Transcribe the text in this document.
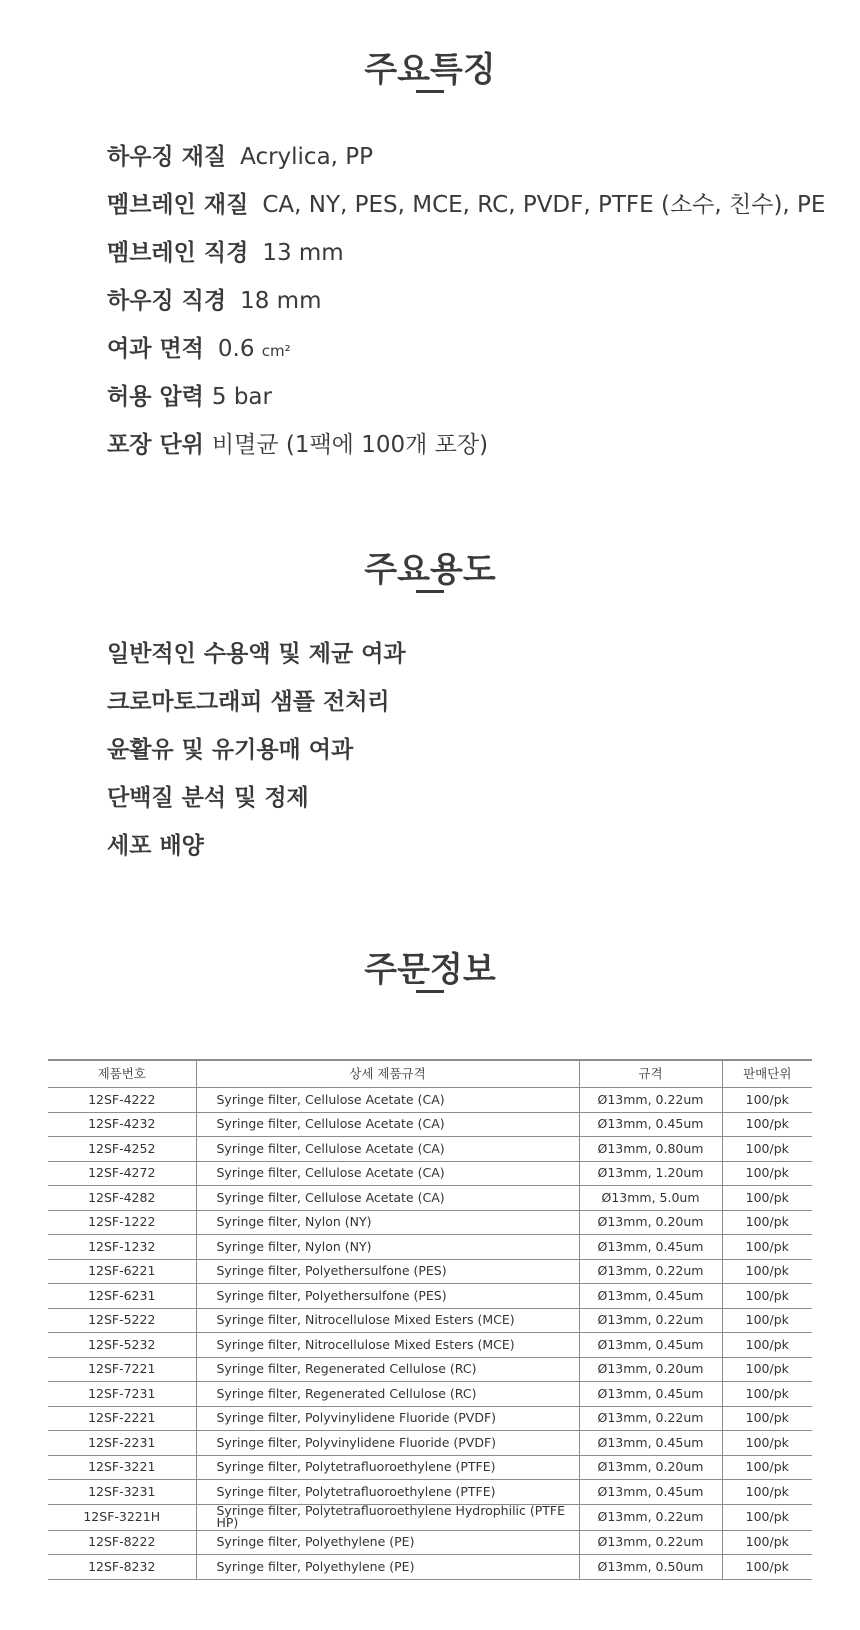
주요특징
하우징 재질 Acrylica, PP
멤브레인 재질 CA, NY, PES, MCE, RC, PVDF, PTFE (소수, 친수), PE
멤브레인 직경 13 mm
하우징 직경 18 mm
여과 면적 0.6 cm²
허용 압력 5 bar
포장 단위 비멸균 (1팩에 100개 포장)
주요용도
일반적인 수용액 및 제균 여과
크로마토그래피 샘플 전처리
윤활유 및 유기용매 여과
단백질 분석 및 정제
세포 배양
주문정보
제품번호	상세 제품규격	규격	판매단위
12SF-4222	Syringe filter, Cellulose Acetate (CA)	Ø13mm, 0.22um	100/pk
12SF-4232	Syringe filter, Cellulose Acetate (CA)	Ø13mm, 0.45um	100/pk
12SF-4252	Syringe filter, Cellulose Acetate (CA)	Ø13mm, 0.80um	100/pk
12SF-4272	Syringe filter, Cellulose Acetate (CA)	Ø13mm, 1.20um	100/pk
12SF-4282	Syringe filter, Cellulose Acetate (CA)	Ø13mm, 5.0um	100/pk
12SF-1222	Syringe filter, Nylon (NY)	Ø13mm, 0.20um	100/pk
12SF-1232	Syringe filter, Nylon (NY)	Ø13mm, 0.45um	100/pk
12SF-6221	Syringe filter, Polyethersulfone (PES)	Ø13mm, 0.22um	100/pk
12SF-6231	Syringe filter, Polyethersulfone (PES)	Ø13mm, 0.45um	100/pk
12SF-5222	Syringe filter, Nitrocellulose Mixed Esters (MCE)	Ø13mm, 0.22um	100/pk
12SF-5232	Syringe filter, Nitrocellulose Mixed Esters (MCE)	Ø13mm, 0.45um	100/pk
12SF-7221	Syringe filter, Regenerated Cellulose (RC)	Ø13mm, 0.20um	100/pk
12SF-7231	Syringe filter, Regenerated Cellulose (RC)	Ø13mm, 0.45um	100/pk
12SF-2221	Syringe filter, Polyvinylidene Fluoride (PVDF)	Ø13mm, 0.22um	100/pk
12SF-2231	Syringe filter, Polyvinylidene Fluoride (PVDF)	Ø13mm, 0.45um	100/pk
12SF-3221	Syringe filter, Polytetrafluoroethylene (PTFE)	Ø13mm, 0.20um	100/pk
12SF-3231	Syringe filter, Polytetrafluoroethylene (PTFE)	Ø13mm, 0.45um	100/pk
12SF-3221H	Syringe filter, Polytetrafluoroethylene Hydrophilic (PTFE HP)	Ø13mm, 0.22um	100/pk
12SF-8222	Syringe filter, Polyethylene (PE)	Ø13mm, 0.22um	100/pk
12SF-8232	Syringe filter, Polyethylene (PE)	Ø13mm, 0.50um	100/pk
